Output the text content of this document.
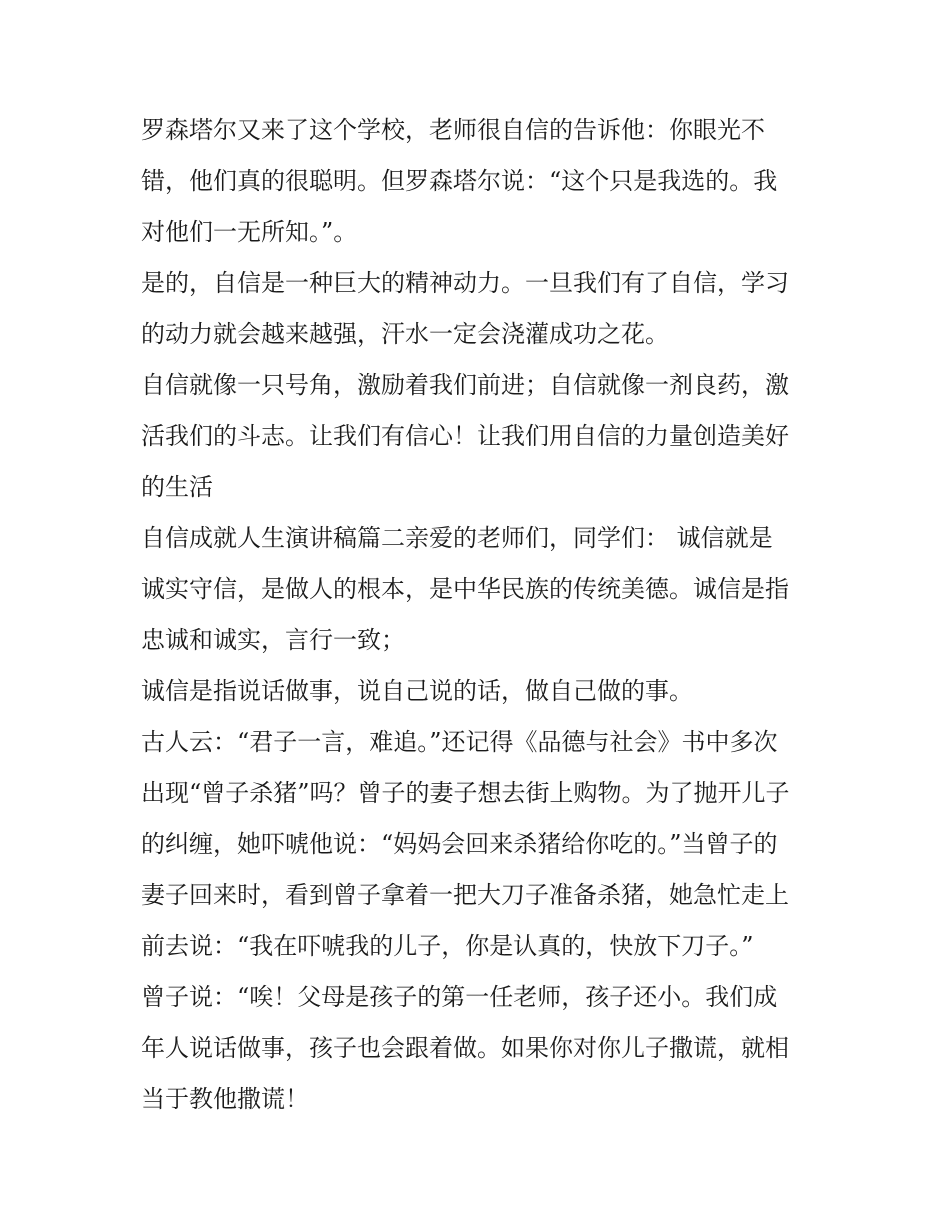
罗森塔尔又来了这个学校，老师很自信的告诉他：你眼光不
错，他们真的很聪明。但罗森塔尔说：“这个只是我选的。我
对他们一无所知。”。

是的，自信是一种巨大的精神动力。一旦我们有了自信，学习
的动力就会越来越强，汗水一定会浇灌成功之花。

自信就像一只号角，激励着我们前进；自信就像一剂良药，激
活我们的斗志。让我们有信心！让我们用自信的力量创造美好
的生活

自信成就人生演讲稿篇二亲爱的老师们，同学们： 诚信就是
诚实守信，是做人的根本，是中华民族的传统美德。诚信是指
忠诚和诚实，言行一致；

诚信是指说话做事，说自己说的话，做自己做的事。

古人云：“君子一言，难追。”还记得《品德与社会》书中多次
出现“曾子杀猪”吗？曾子的妻子想去街上购物。为了抛开儿子
的纠缠，她吓唬他说：“妈妈会回来杀猪给你吃的。”当曾子的
妻子回来时，看到曾子拿着一把大刀子准备杀猪，她急忙走上
前去说：“我在吓唬我的儿子，你是认真的，快放下刀子。”

曾子说：“唉！父母是孩子的第一任老师，孩子还小。我们成
年人说话做事，孩子也会跟着做。如果你对你儿子撒谎，就相
当于教他撒谎！
